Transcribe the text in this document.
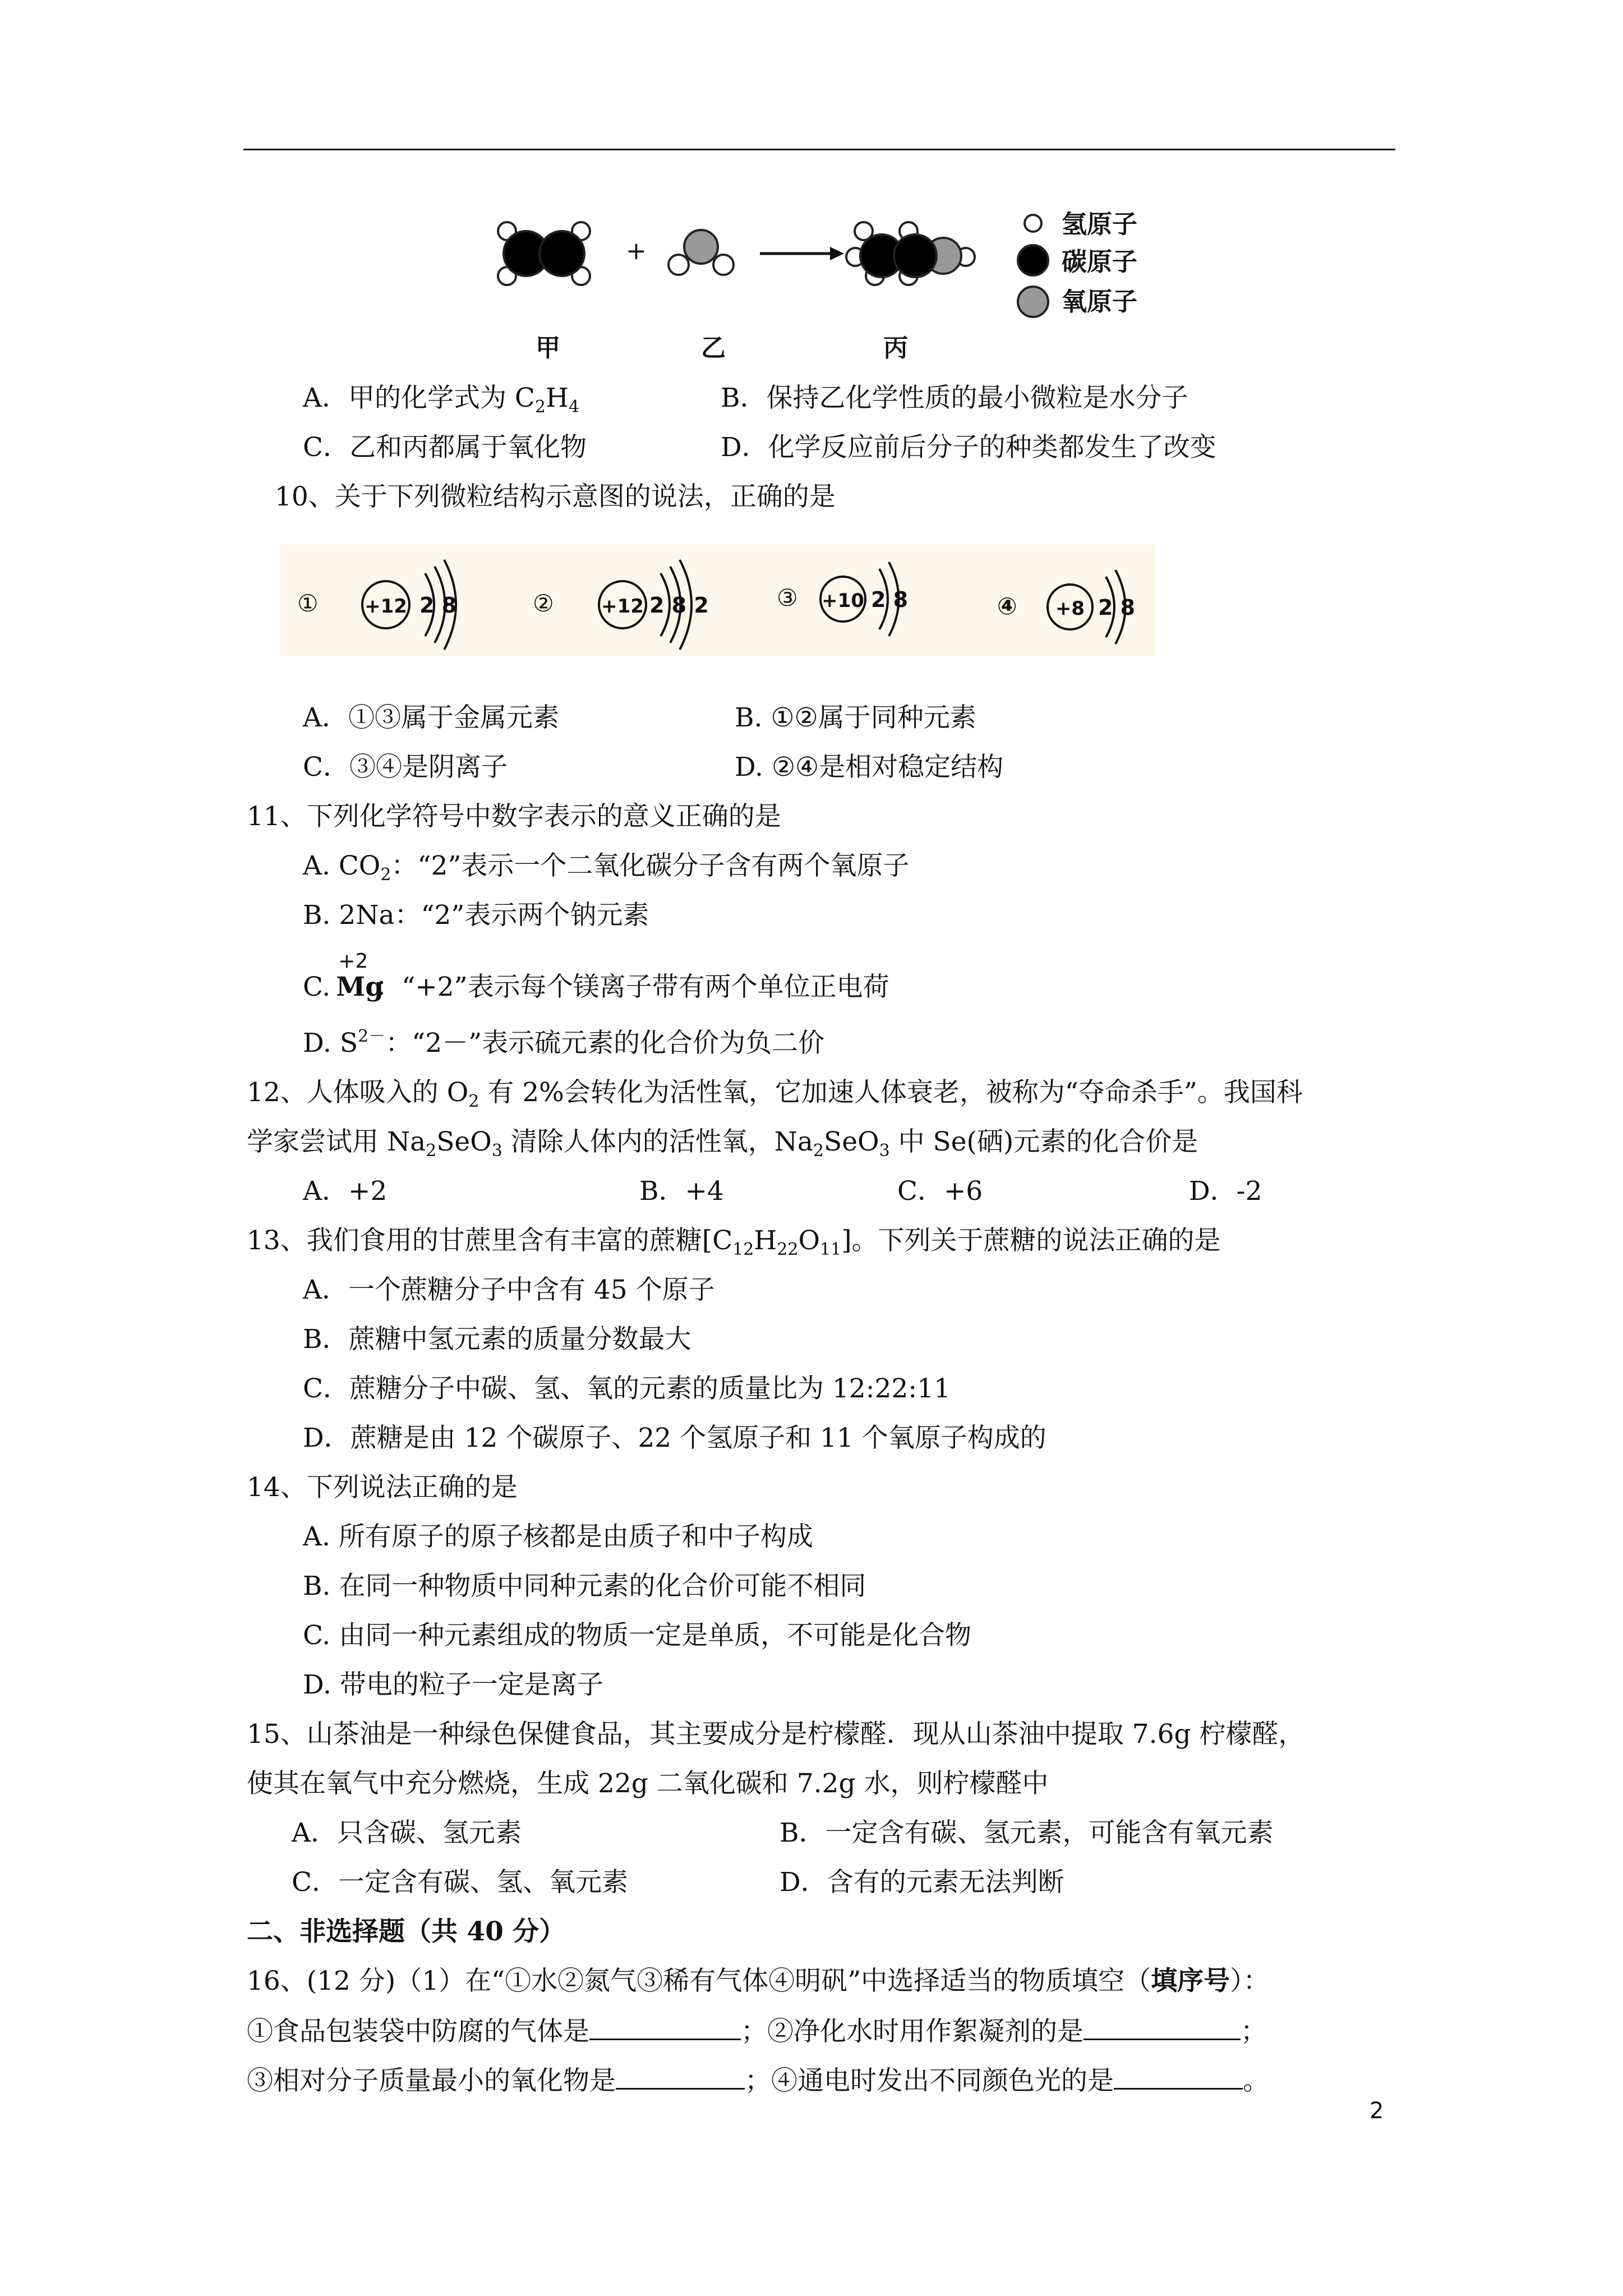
+
氢原子
碳原子
氧原子
甲	乙	丙
A．甲的化学式为 $C_2H_4$	B．保持乙化学性质的最小微粒是水分子
C．乙和丙都属于氧化物	D．化学反应前后分子的种类都发生了改变
10、关于下列微粒结构示意图的说法，正确的是
① +12 2 8	② +12 2 8 2	③ +10 2 8	④ +8 2 8
A．①③属于金属元素	B. ①②属于同种元素
C．③④是阴离子	D. ②④是相对稳定结构
11、下列化学符号中数字表示的意义正确的是
A. $CO_2$：“2”表示一个二氧化碳分子含有两个氧原子
B. 2Na：“2”表示两个钠元素
C.
+2
Mg：“+2”表示每个镁离子带有两个单位正电荷
D. $S^{2-}$：“2－”表示硫元素的化合价为负二价
12、人体吸入的 $O_2$ 有 2%会转化为活性氧，它加速人体衰老，被称为“夺命杀手”。我国科
学家尝试用 $Na_2SeO_3$ 清除人体内的活性氧，$Na_2SeO_3$ 中 Se(硒)元素的化合价是
A．+2	B．+4	C．+6	D．-2
13、我们食用的甘蔗里含有丰富的蔗糖$[C_{12}H_{22}O_{11}]$。下列关于蔗糖的说法正确的是
A．一个蔗糖分子中含有 45 个原子
B．蔗糖中氢元素的质量分数最大
C．蔗糖分子中碳、氢、氧的元素的质量比为 12:22:11
D．蔗糖是由 12 个碳原子、22 个氢原子和 11 个氧原子构成的
14、下列说法正确的是
A. 所有原子的原子核都是由质子和中子构成
B. 在同一种物质中同种元素的化合价可能不相同
C. 由同一种元素组成的物质一定是单质，不可能是化合物
D. 带电的粒子一定是离子
15、山茶油是一种绿色保健食品，其主要成分是柠檬醛．现从山茶油中提取 7.6g 柠檬醛，
使其在氧气中充分燃烧，生成 22g 二氧化碳和 7.2g 水，则柠檬醛中
A．只含碳、氢元素	B．一定含有碳、氢元素，可能含有氧元素
C．一定含有碳、氢、氧元素	D．含有的元素无法判断
二、非选择题（共 40 分）
16、(12 分)（1）在“①水②氮气③稀有气体④明矾”中选择适当的物质填空（填序号）：
①食品包装袋中防腐的气体是	；②净化水时用作絮凝剂的是	；
③相对分子质量最小的氧化物是	；④通电时发出不同颜色光的是	。
2
